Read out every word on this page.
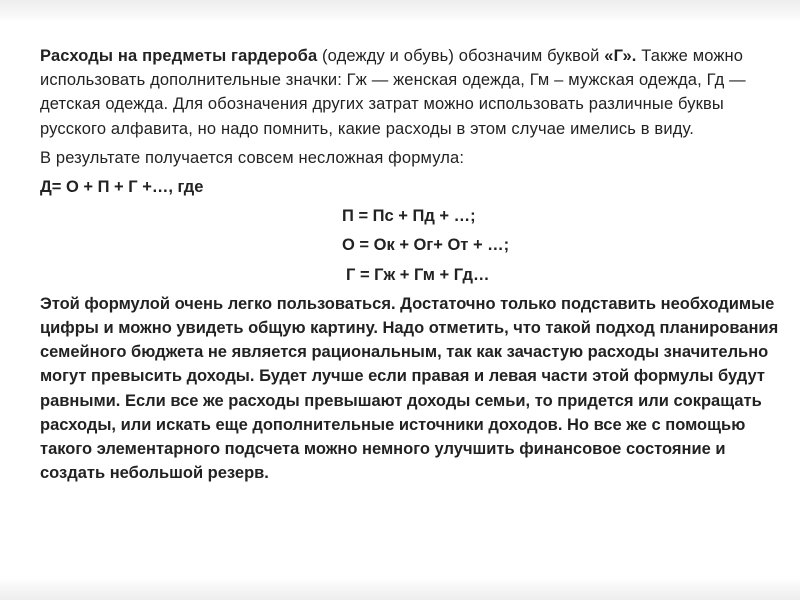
Расходы на предметы гардероба (одежду и обувь) обозначим буквой «Г». Также можно использовать дополнительные значки: Гж — женская одежда, Гм – мужская одежда, Гд — детская одежда. Для обозначения других затрат можно использовать различные буквы русского алфавита, но надо помнить, какие расходы в этом случае имелись в виду.
В результате получается совсем несложная формула:
Д= О + П + Г +…, где
П = Пс + Пд + …;
О = Ок + Ог+ От + …;
Г = Гж + Гм + Гд…
Этой формулой очень легко пользоваться. Достаточно только подставить необходимые цифры и можно увидеть общую картину. Надо отметить, что такой подход планирования семейного бюджета не является рациональным, так как зачастую расходы значительно могут превысить доходы. Будет лучше если правая и левая части этой формулы будут равными. Если все же расходы превышают доходы семьи, то придется или сокращать расходы, или искать еще дополнительные источники доходов. Но все же с помощью такого элементарного подсчета можно немного улучшить финансовое состояние и создать небольшой резерв.
